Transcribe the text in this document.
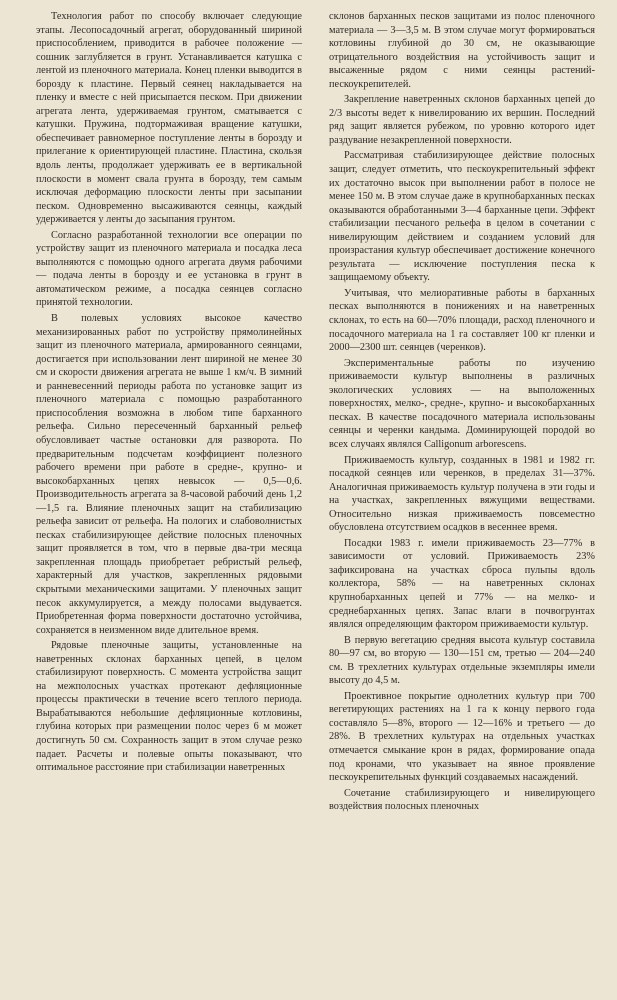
Технология работ по способу включает следующие этапы. Лесопосадочный агрегат, оборудованный шириной приспособлением, приводится в рабочее положение — сошник заглубляется в грунт. Устанавливается катушка с лентой из пленочного материала. Конец пленки выводится в борозду к пластине. Первый сеянец накладывается на пленку и вместе с ней присыпается песком. При движении агрегата лента, удерживаемая грунтом, сматывается с катушки. Пружина, подтормаживая вращение катушки, обеспечивает равномерное поступление ленты в борозду и прилегание к ориентирующей пластине. Пластина, скользя вдоль ленты, продолжает удерживать ее в вертикальной плоскости в момент свала грунта в борозду, тем самым исключая деформацию плоскости ленты при засыпании песком. Одновременно высаживаются сеянцы, каждый удерживается у ленты до засыпания грунтом.

Согласно разработанной технологии все операции по устройству защит из пленочного материала и посадка леса выполняются с помощью одного агрегата двумя рабочими — подача ленты в борозду и ее установка в грунт в автоматическом режиме, а посадка сеянцев согласно принятой технологии.

В полевых условиях высокое качество механизированных работ по устройству прямолинейных защит из пленочного материала, армированного сеянцами, достигается при использовании лент шириной не менее 30 см и скорости движения агрегата не выше 1 км/ч. В зимний и ранневесенний периоды работа по установке защит из пленочного материала с помощью разработанного приспособления возможна в любом типе барханного рельефа. Сильно пересеченный барханный рельеф обусловливает частые остановки для разворота. По предварительным подсчетам коэффициент полезного рабочего времени при работе в средне-, крупно- и высокобарханных цепях невысок — 0,5—0,6. Производительность агрегата за 8-часовой рабочий день 1,2—1,5 га. Влияние пленочных защит на стабилизацию рельефа зависит от рельефа. На пологих и слабоволнистых песках стабилизирующее действие полосных пленочных защит проявляется в том, что в первые два-три месяца закрепленная площадь приобретает ребристый рельеф, характерный для участков, закрепленных рядовыми скрытыми механическими защитами. У пленочных защит песок аккумулируется, а между полосами выдувается. Приобретенная форма поверхности достаточно устойчива, сохраняется в неизменном виде длительное время.

Рядовые пленочные защиты, установленные на наветренных склонах барханных цепей, в целом стабилизируют поверхность. С момента устройства защит на межполосных участках протекают дефляционные процессы практически в течение всего теплого периода. Вырабатываются небольшие дефляционные котловины, глубина которых при размещении полос через 6 м может достигнуть 50 см. Сохранность защит в этом случае резко падает. Расчеты и полевые опыты показывают, что оптимальное расстояние при стабилизации наветренных

склонов барханных песков защитами из полос пленочного материала — 3—3,5 м. В этом случае могут формироваться котловины глубиной до 30 см, не оказывающие отрицательного воздействия на устойчивость защит и высаженные рядом с ними сеянцы растений-пескоукрепителей.

Закрепление наветренных склонов барханных цепей до 2/3 высоты ведет к нивелированию их вершин. Последний ряд защит является рубежом, по уровню которого идет раздувание незакрепленной поверхности.

Рассматривая стабилизирующее действие полосных защит, следует отметить, что пескоукрепительный эффект их достаточно высок при выполнении работ в полосе не менее 150 м. В этом случае даже в крупнобарханных песках оказываются обработанными 3—4 барханные цепи. Эффект стабилизации песчаного рельефа в целом в сочетании с нивелирующим действием и созданием условий для произрастания культур обеспечивает достижение конечного результата — исключение поступления песка к защищаемому объекту.

Учитывая, что мелиоративные работы в барханных песках выполняются в понижениях и на наветренных склонах, то есть на 60—70% площади, расход пленочного и посадочного материала на 1 га составляет 100 кг пленки и 2000—2300 шт. сеянцев (черенков).

Экспериментальные работы по изучению приживаемости культур выполнены в различных экологических условиях — на выположенных поверхностях, мелко-, средне-, крупно- и высокобарханных песках. В качестве посадочного материала использованы сеянцы и черенки кандыма. Доминирующей породой во всех случаях являлся Calligonum arborescens.

Приживаемость культур, созданных в 1981 и 1982 гг. посадкой сеянцев или черенков, в пределах 31—37%. Аналогичная приживаемость культур получена в эти годы и на участках, закрепленных вяжущими веществами. Относительно низкая приживаемость повсеместно обусловлена отсутствием осадков в весеннее время.

Посадки 1983 г. имели приживаемость 23—77% в зависимости от условий. Приживаемость 23% зафиксирована на участках сброса пульпы вдоль коллектора, 58% — на наветренных склонах крупнобарханных цепей и 77% — на мелко- и среднебарханных цепях. Запас влаги в почвогрунтах являлся определяющим фактором приживаемости культур.

В первую вегетацию средняя высота культур составила 80—97 см, во вторую — 130—151 см, третью — 204—240 см. В трехлетних культурах отдельные экземпляры имели высоту до 4,5 м.

Проективное покрытие однолетних культур при 700 вегетирующих растениях на 1 га к концу первого года составляло 5—8%, второго — 12—16% и третьего — до 28%. В трехлетних культурах на отдельных участках отмечается смыкание крон в рядах, формирование опада под кронами, что указывает на явное проявление пескоукрепительных функций создаваемых насаждений.

Сочетание стабилизирующего и нивелирующего воздействия полосных пленочных
